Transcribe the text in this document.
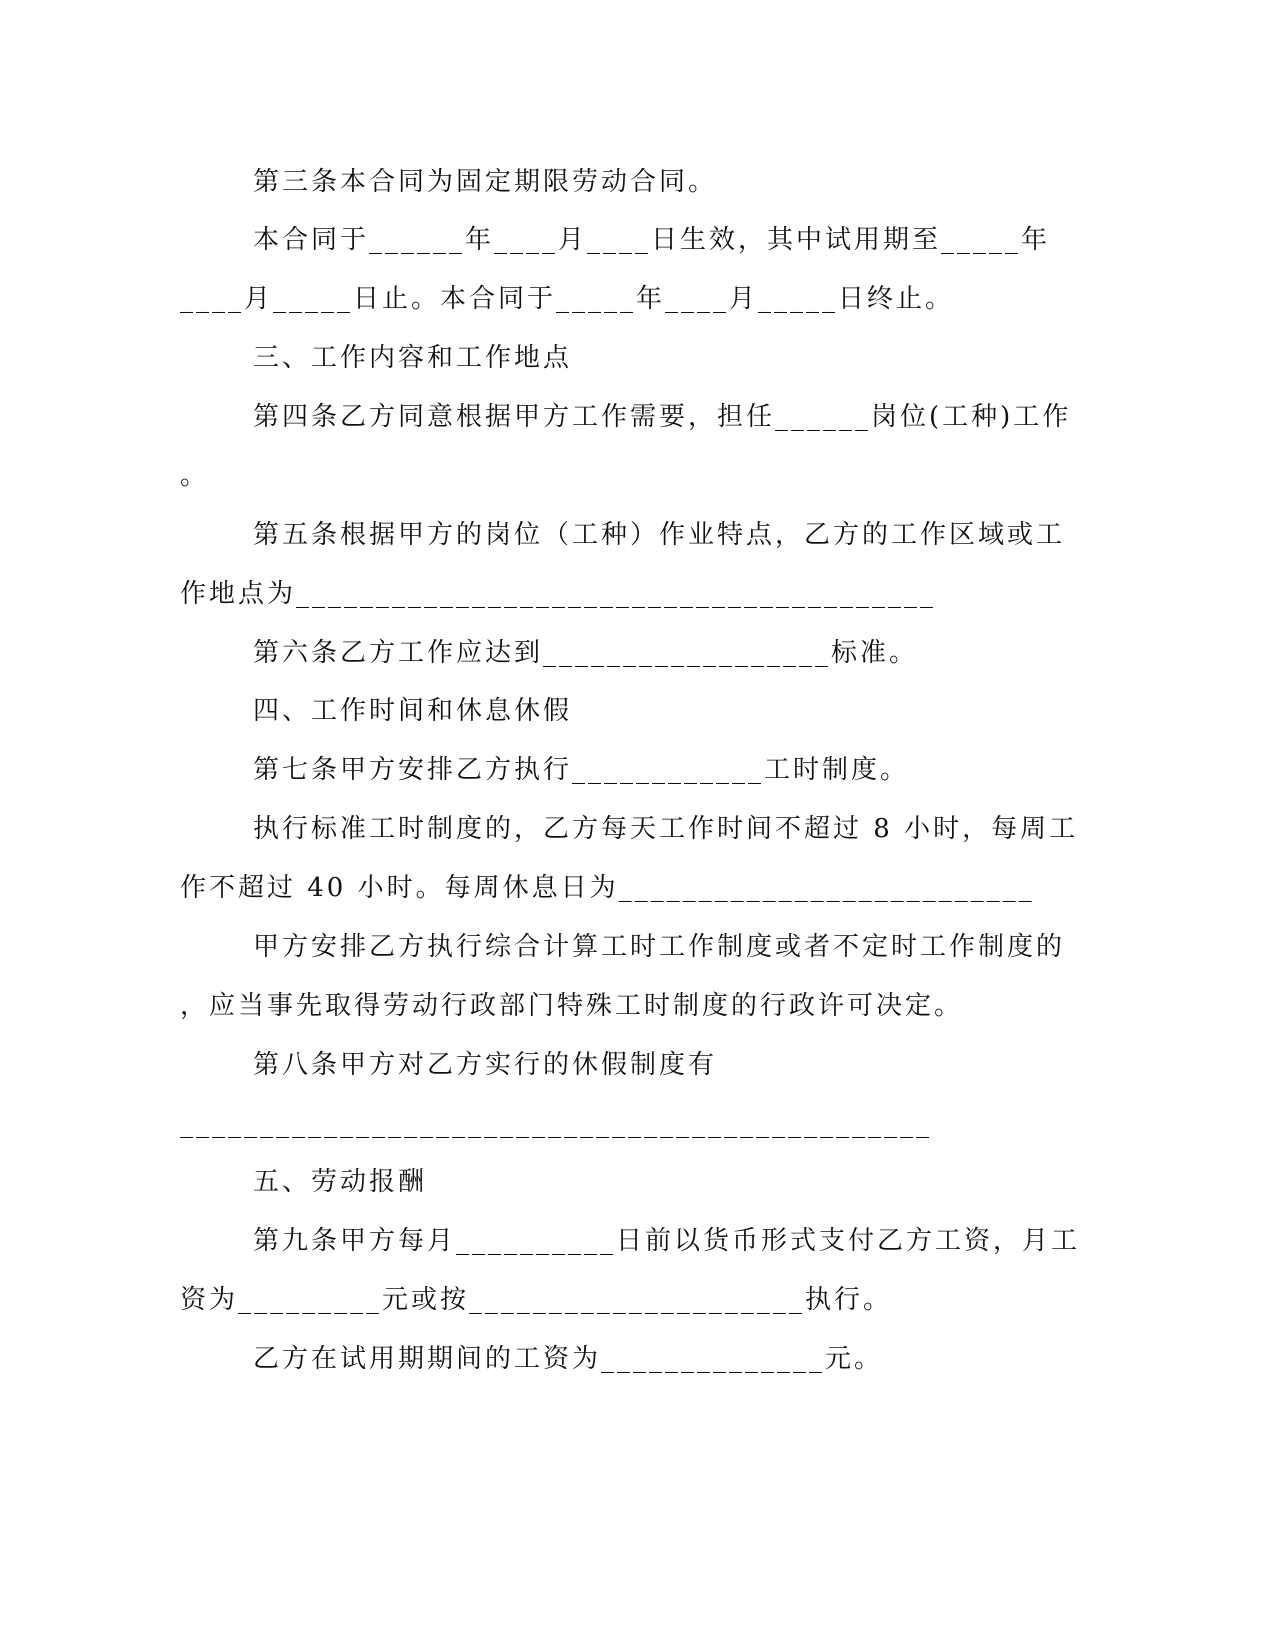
第三条本合同为固定期限劳动合同。
本合同于______年____月____日生效，其中试用期至_____年
____月_____日止。本合同于_____年____月_____日终止。
三、工作内容和工作地点
第四条乙方同意根据甲方工作需要，担任______岗位(工种)工作
。
第五条根据甲方的岗位（工种）作业特点，乙方的工作区域或工
作地点为________________________________________
第六条乙方工作应达到__________________标准。
四、工作时间和休息休假
第七条甲方安排乙方执行____________工时制度。
执行标准工时制度的，乙方每天工作时间不超过 8 小时，每周工
作不超过 40 小时。每周休息日为__________________________
甲方安排乙方执行综合计算工时工作制度或者不定时工作制度的
，应当事先取得劳动行政部门特殊工时制度的行政许可决定。
第八条甲方对乙方实行的休假制度有
_______________________________________________
五、劳动报酬
第九条甲方每月__________日前以货币形式支付乙方工资，月工
资为_________元或按_____________________执行。
乙方在试用期期间的工资为______________元。
